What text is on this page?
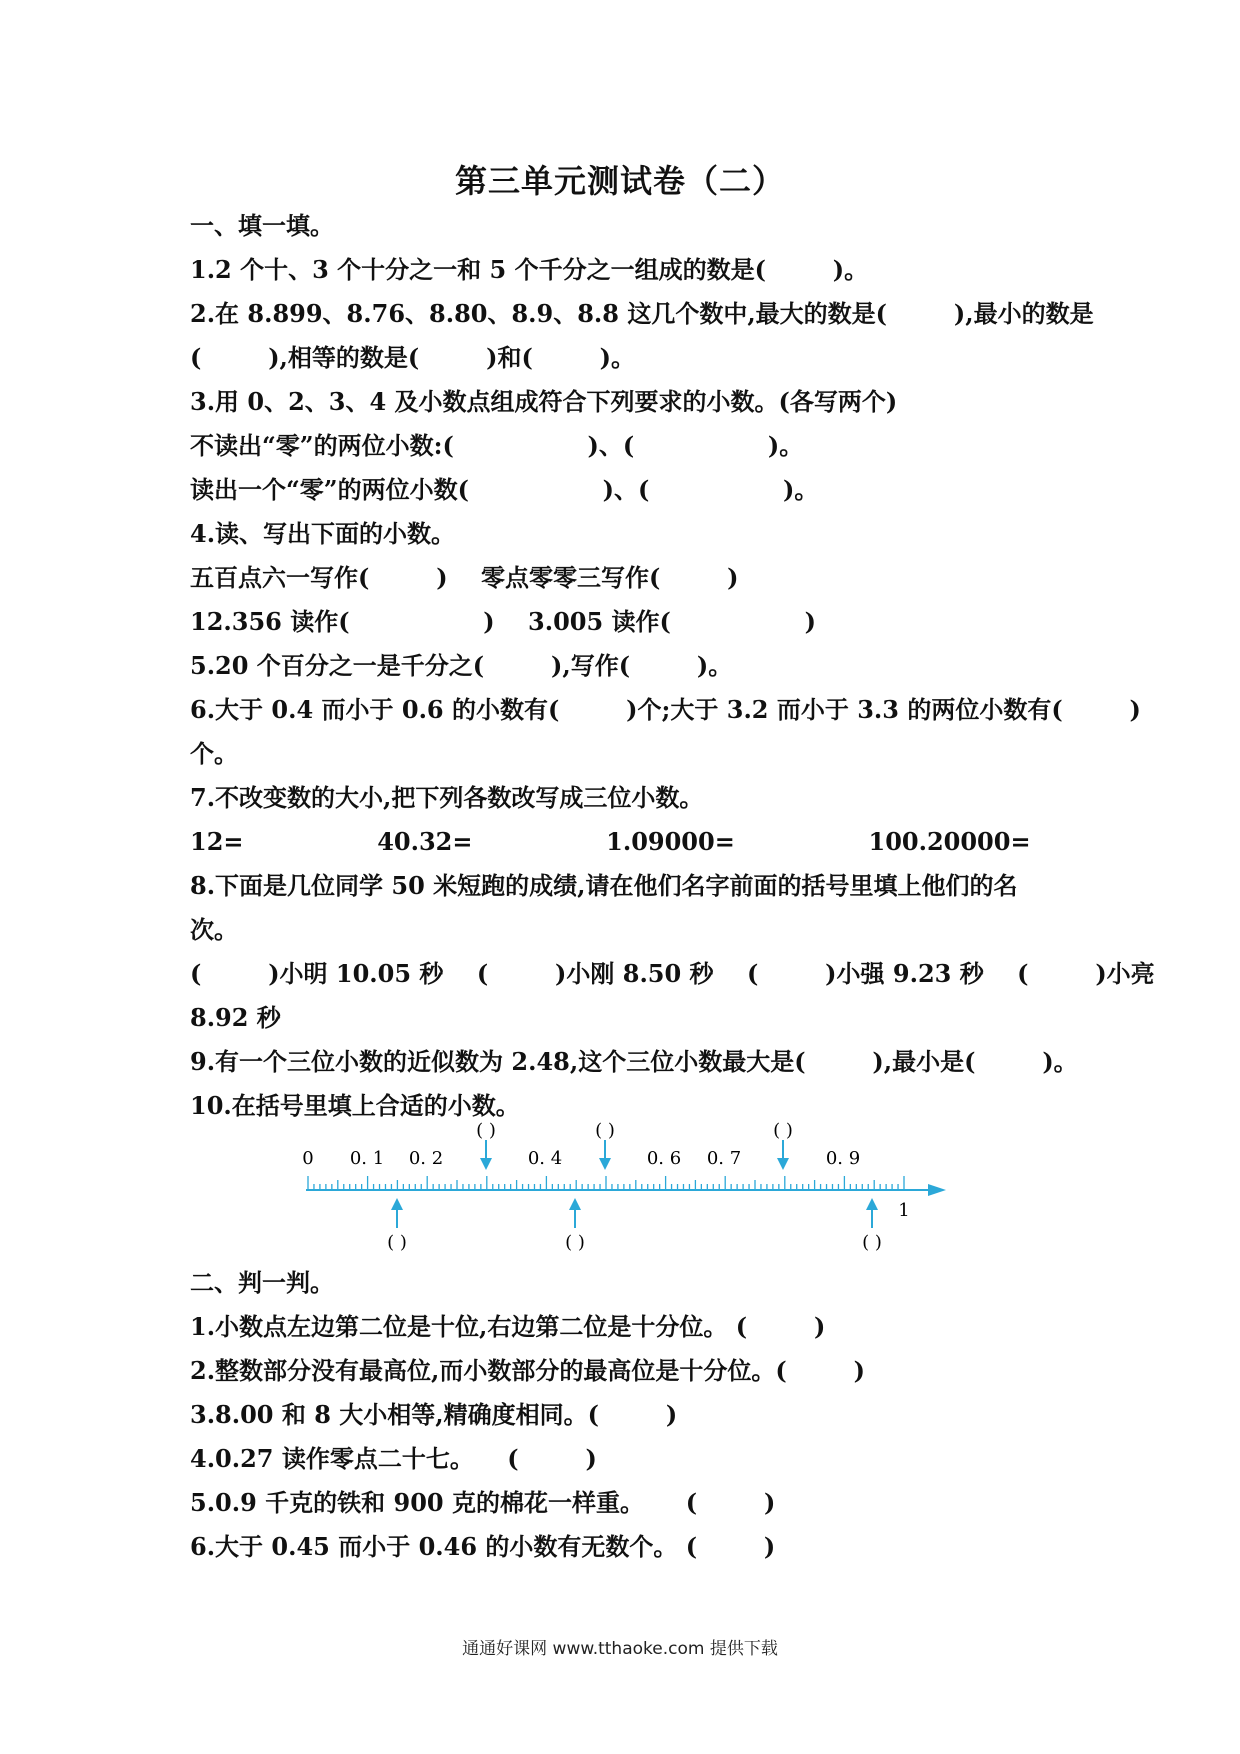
第三单元测试卷（二）
一、填一填。
1.2 个十、3 个十分之一和 5 个千分之一组成的数是(        )。
2.在 8.899、8.76、8.80、8.9、8.8 这几个数中,最大的数是(        ),最小的数是
(        ),相等的数是(        )和(        )。
3.用 0、2、3、4 及小数点组成符合下列要求的小数。(各写两个)
不读出“零”的两位小数:(                )、(                )。
读出一个“零”的两位小数(                )、(                )。
4.读、写出下面的小数。
五百点六一写作(        )    零点零零三写作(        )
12.356 读作(                )    3.005 读作(                )
5.20 个百分之一是千分之(        ),写作(        )。
6.大于 0.4 而小于 0.6 的小数有(        )个;大于 3.2 而小于 3.3 的两位小数有(        )
个。
7.不改变数的大小,把下列各数改写成三位小数。
12=                40.32=                1.09000=                100.20000=
8.下面是几位同学 50 米短跑的成绩,请在他们名字前面的括号里填上他们的名
次。
(        )小明 10.05 秒    (        )小刚 8.50 秒    (        )小强 9.23 秒    (        )小亮
8.92 秒
9.有一个三位小数的近似数为 2.48,这个三位小数最大是(        ),最小是(        )。
10.在括号里填上合适的小数。
0 0. 1 0. 2	0. 4	0. 6 0. 7	0. 9
1
( )	( )	( )
( )	( )	( )
二、判一判。
1.小数点左边第二位是十位,右边第二位是十分位。 (        )
2.整数部分没有最高位,而小数部分的最高位是十分位。(        )
3.8.00 和 8 大小相等,精确度相同。(        )
4.0.27 读作零点二十七。    (        )
5.0.9 千克的铁和 900 克的棉花一样重。     (        )
6.大于 0.45 而小于 0.46 的小数有无数个。 (        )
通通好课网 www.tthaoke.com 提供下载
